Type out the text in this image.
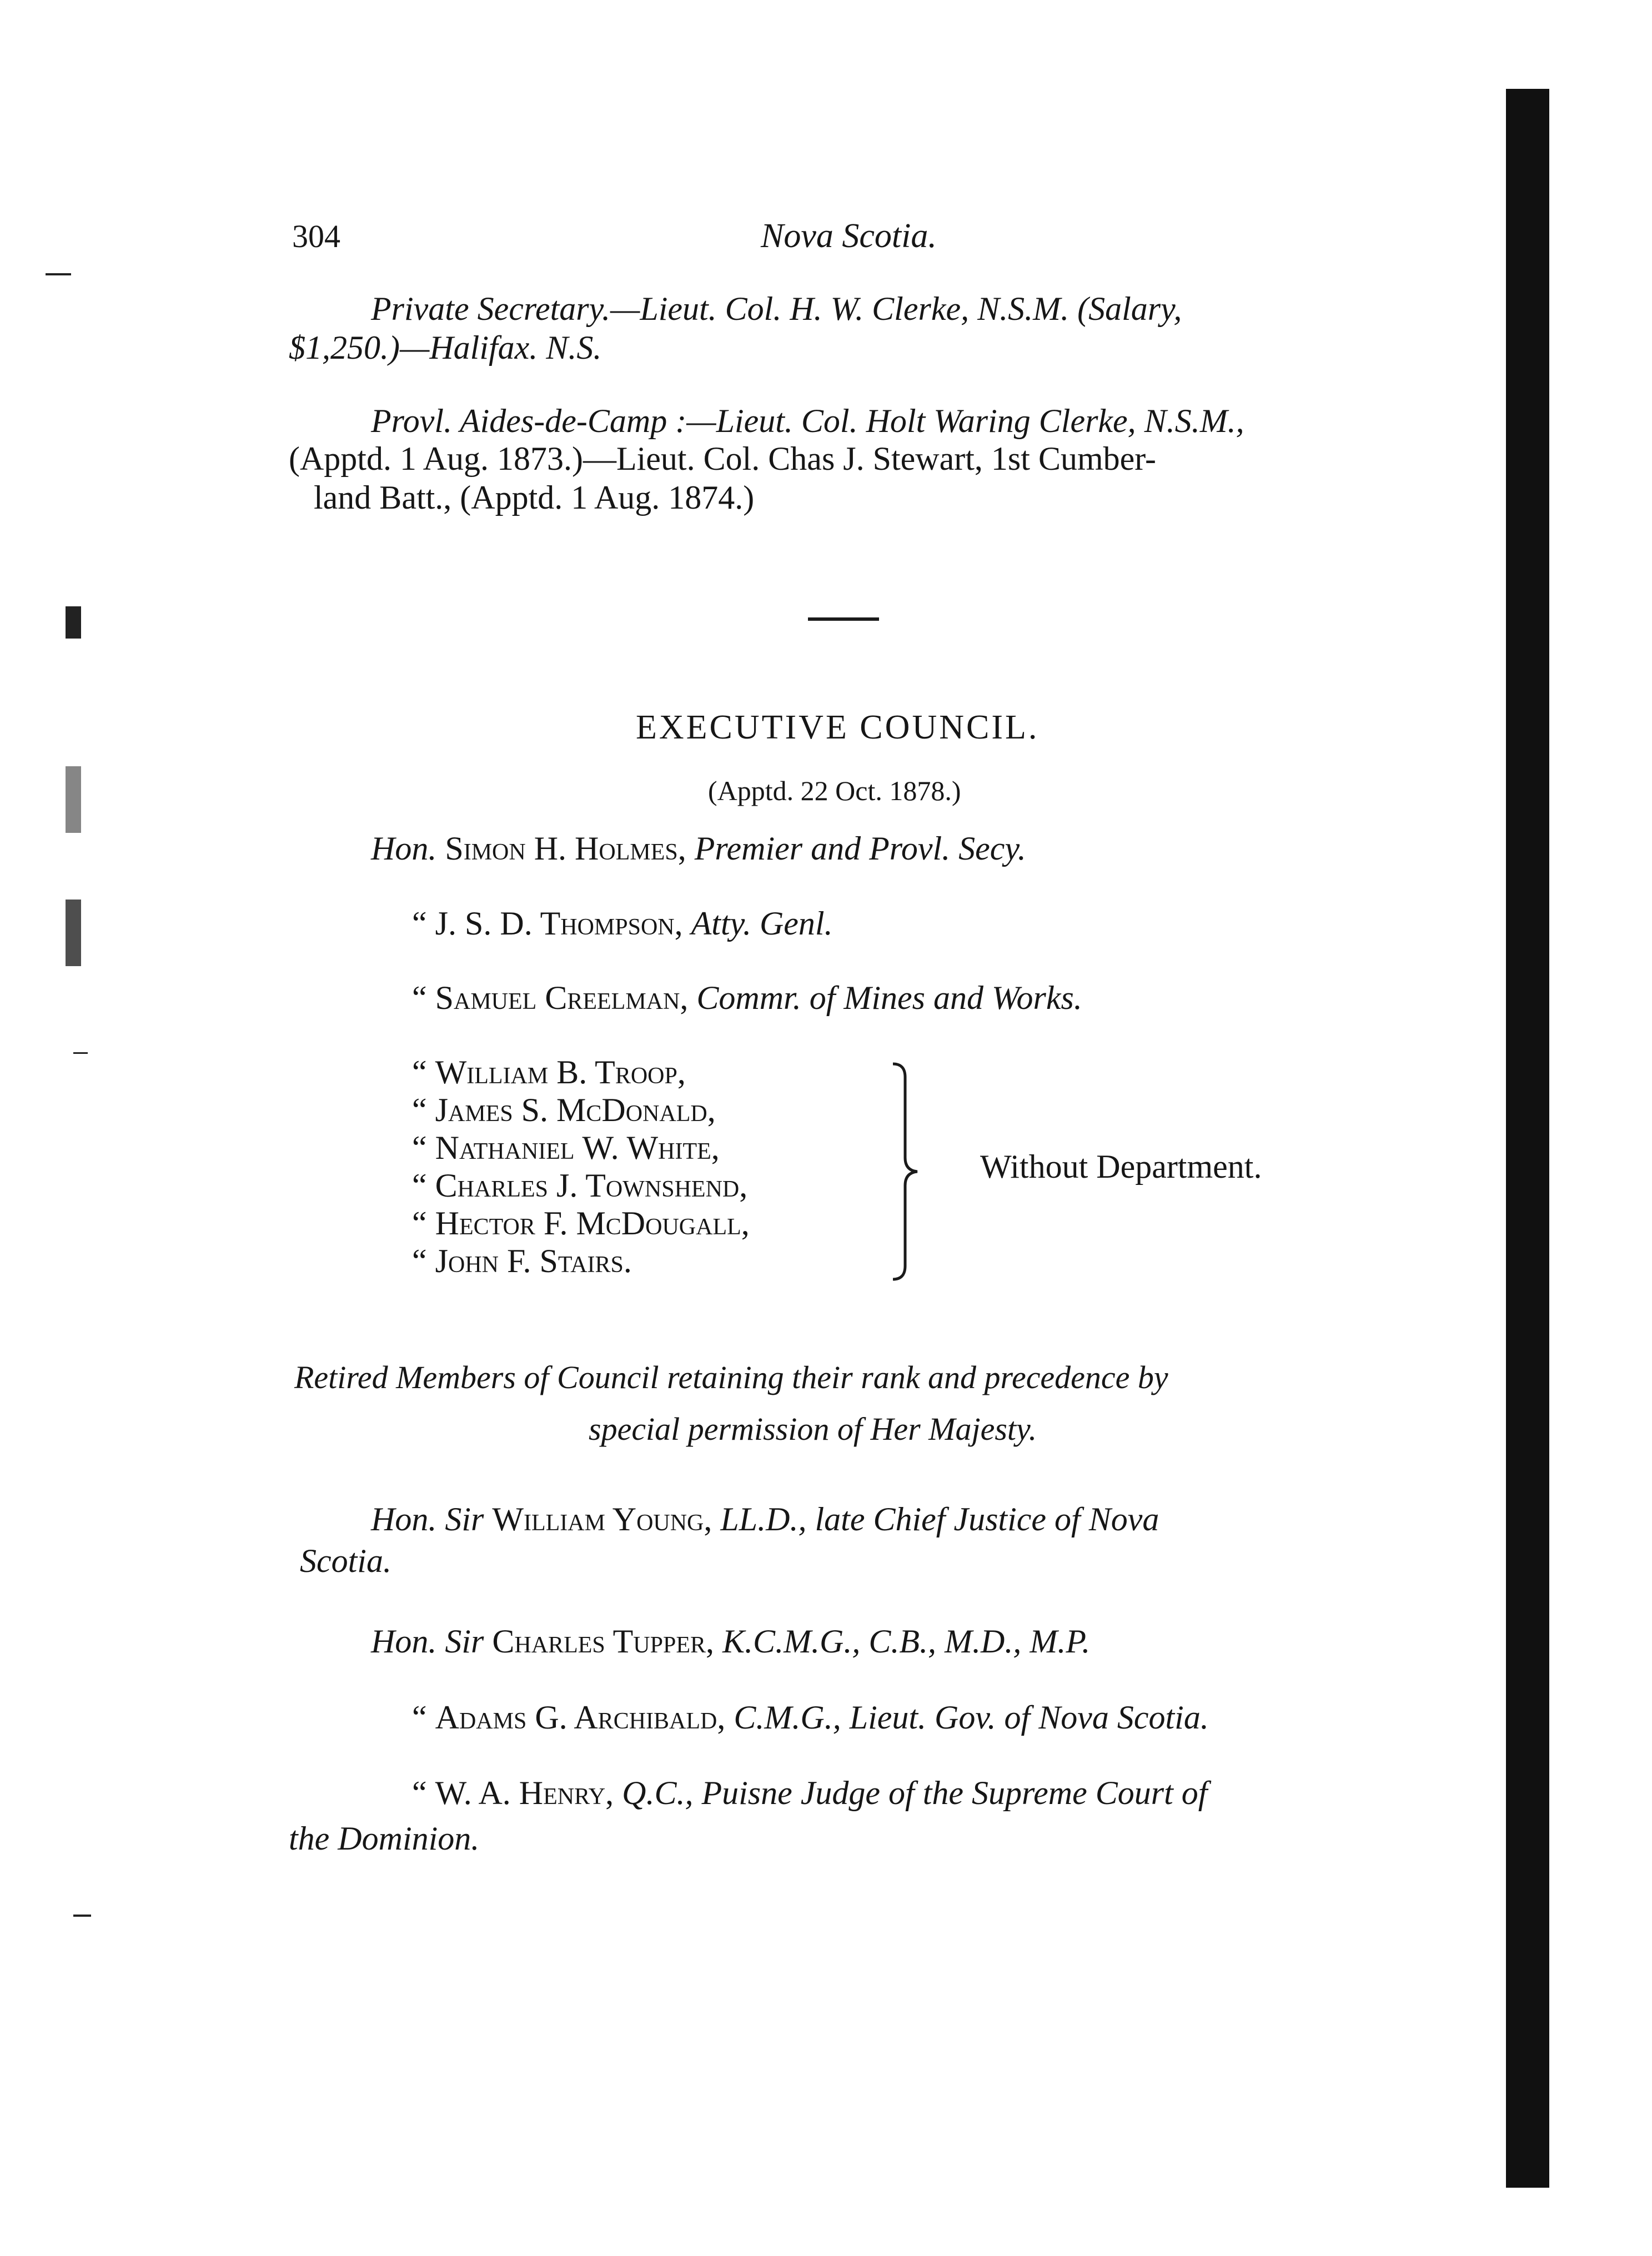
304	Nova Scotia.
Private Secretary.—Lieut. Col. H. W. Clerke, N.S.M. (Salary,
$1,250.)—Halifax. N.S.
Provl. Aides-de-Camp :—Lieut. Col. Holt Waring Clerke, N.S.M.,
(Apptd. 1 Aug. 1873.)—Lieut. Col. Chas J. Stewart, 1st Cumber-
land Batt., (Apptd. 1 Aug. 1874.)
EXECUTIVE COUNCIL.
(Apptd. 22 Oct. 1878.)
Hon. Simon H. Holmes, Premier and Provl. Secy.
“ J. S. D. Thompson, Atty. Genl.
“ Samuel Creelman, Commr. of Mines and Works.
“ William B. Troop,
“ James S. McDonald,
“ Nathaniel W. White,
“ Charles J. Townshend,
“ Hector F. McDougall,
“ John F. Stairs.
Without Department.
Retired Members of Council retaining their rank and precedence by
special permission of Her Majesty.
Hon. Sir William Young, LL.D., late Chief Justice of Nova
Scotia.
Hon. Sir Charles Tupper, K.C.M.G., C.B., M.D., M.P.
“ Adams G. Archibald, C.M.G., Lieut. Gov. of Nova Scotia.
“ W. A. Henry, Q.C., Puisne Judge of the Supreme Court of
the Dominion.
